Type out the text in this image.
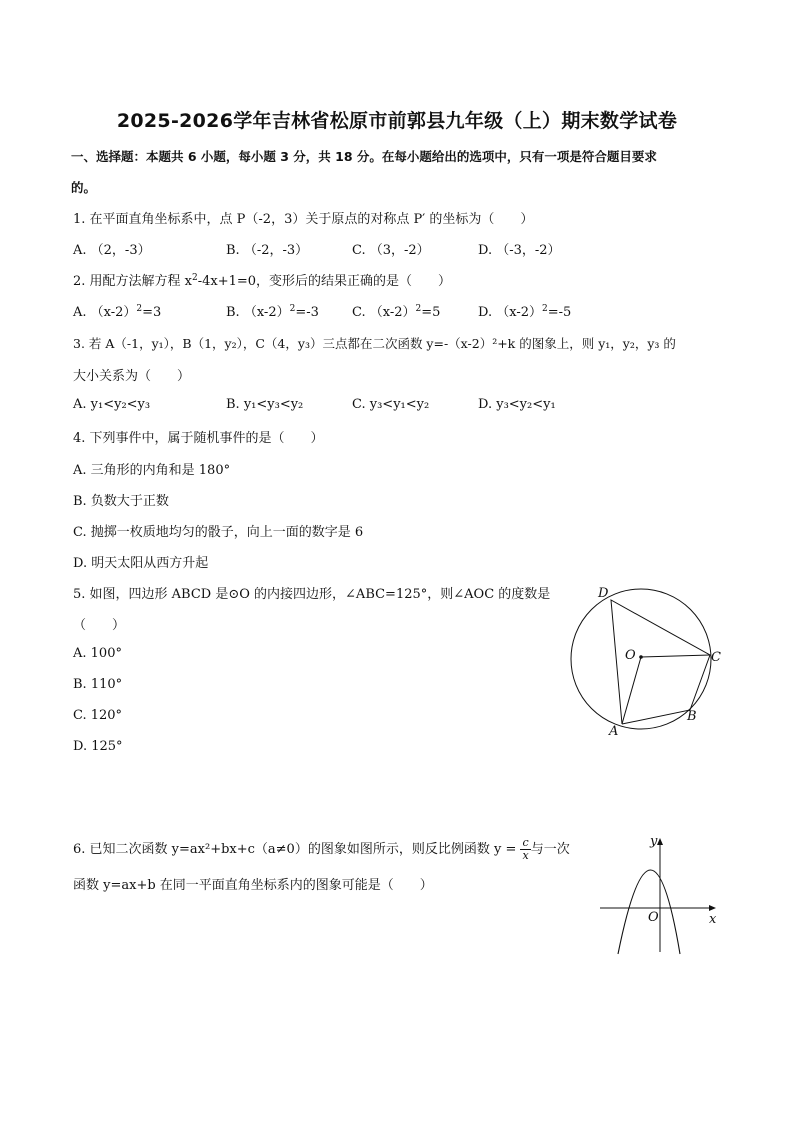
2025-2026学年吉林省松原市前郭县九年级（上）期末数学试卷
一、选择题：本题共 6 小题，每小题 3 分，共 18 分。在每小题给出的选项中，只有一项是符合题目要求
的。
1. 在平面直角坐标系中，点 P（-2，3）关于原点的对称点 P′ 的坐标为（　　）
A. （2，-3）	B. （-2，-3）	C. （3，-2）	D. （-3，-2）
2. 用配方法解方程 $x^2-4x+1=0$，变形后的结果正确的是（　　）
A. $(x-2)^2=3$	B. $(x-2)^2=-3$	C. $(x-2)^2=5$	D. $(x-2)^2=-5$
3. 若 A（-1，y₁），B（1，y₂），C（4，y₃）三点都在二次函数 y=-（x-2）²+k 的图象上，则 y₁，y₂，y₃ 的
大小关系为（　　）
A. y₁<y₂<y₃	B. y₁<y₃<y₂	C. y₃<y₁<y₂	D. y₃<y₂<y₁
4. 下列事件中，属于随机事件的是（　　）
A. 三角形的内角和是 180°
B. 负数大于正数
C. 抛掷一枚质地均匀的骰子，向上一面的数字是 6
D. 明天太阳从西方升起
5. 如图，四边形 ABCD 是⊙O 的内接四边形，∠ABC=125°，则∠AOC 的度数是
（　　）
A. 100°
B. 110°
C. 120°
D. 125°
D
O	C
B
A
6. 已知二次函数 y=ax²+bx+c（a≠0）的图象如图所示，则反比例函数 $y = \frac{c}{x}$ 与一次
函数 y=ax+b 在同一平面直角坐标系内的图象可能是（　　）
y
O	x
